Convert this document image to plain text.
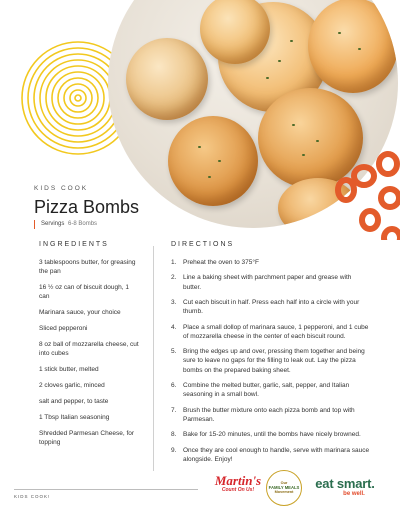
KIDS COOK
Pizza Bombs
Servings 6-8 Bombs
INGREDIENTS	DIRECTIONS
3 tablespoons butter, for greasing the pan
16 ½ oz can of biscuit dough, 1 can
Marinara sauce, your choice
Sliced pepperoni
8 oz ball of mozzarella cheese, cut into cubes
1 stick butter, melted
2 cloves garlic, minced
salt and pepper, to taste
1 Tbsp Italian seasoning
Shredded Parmesan Cheese, for topping
1. Preheat the oven to 375°F
2. Line a baking sheet with parchment paper and grease with butter.
3. Cut each biscuit in half. Press each half into a circle with your thumb.
4. Place a small dollop of marinara sauce, 1 pepperoni, and 1 cube of mozzarella cheese in the center of each biscuit round.
5. Bring the edges up and over, pressing them together and being sure to leave no gaps for the filling to leak out. Lay the pizza bombs on the prepared baking sheet.
6. Combine the melted butter, garlic, salt, pepper, and Italian seasoning in a small bowl.
7. Brush the butter mixture onto each pizza bomb and top with Parmesan.
8. Bake for 15-20 minutes, until the bombs have nicely browned.
9. Once they are cool enough to handle, serve with marinara sauce alongside. Enjoy!
KIDS COOK!
Martin's
Count On Us!
Our
FAMILY MEALS
Movement
eat smart.
be well.
